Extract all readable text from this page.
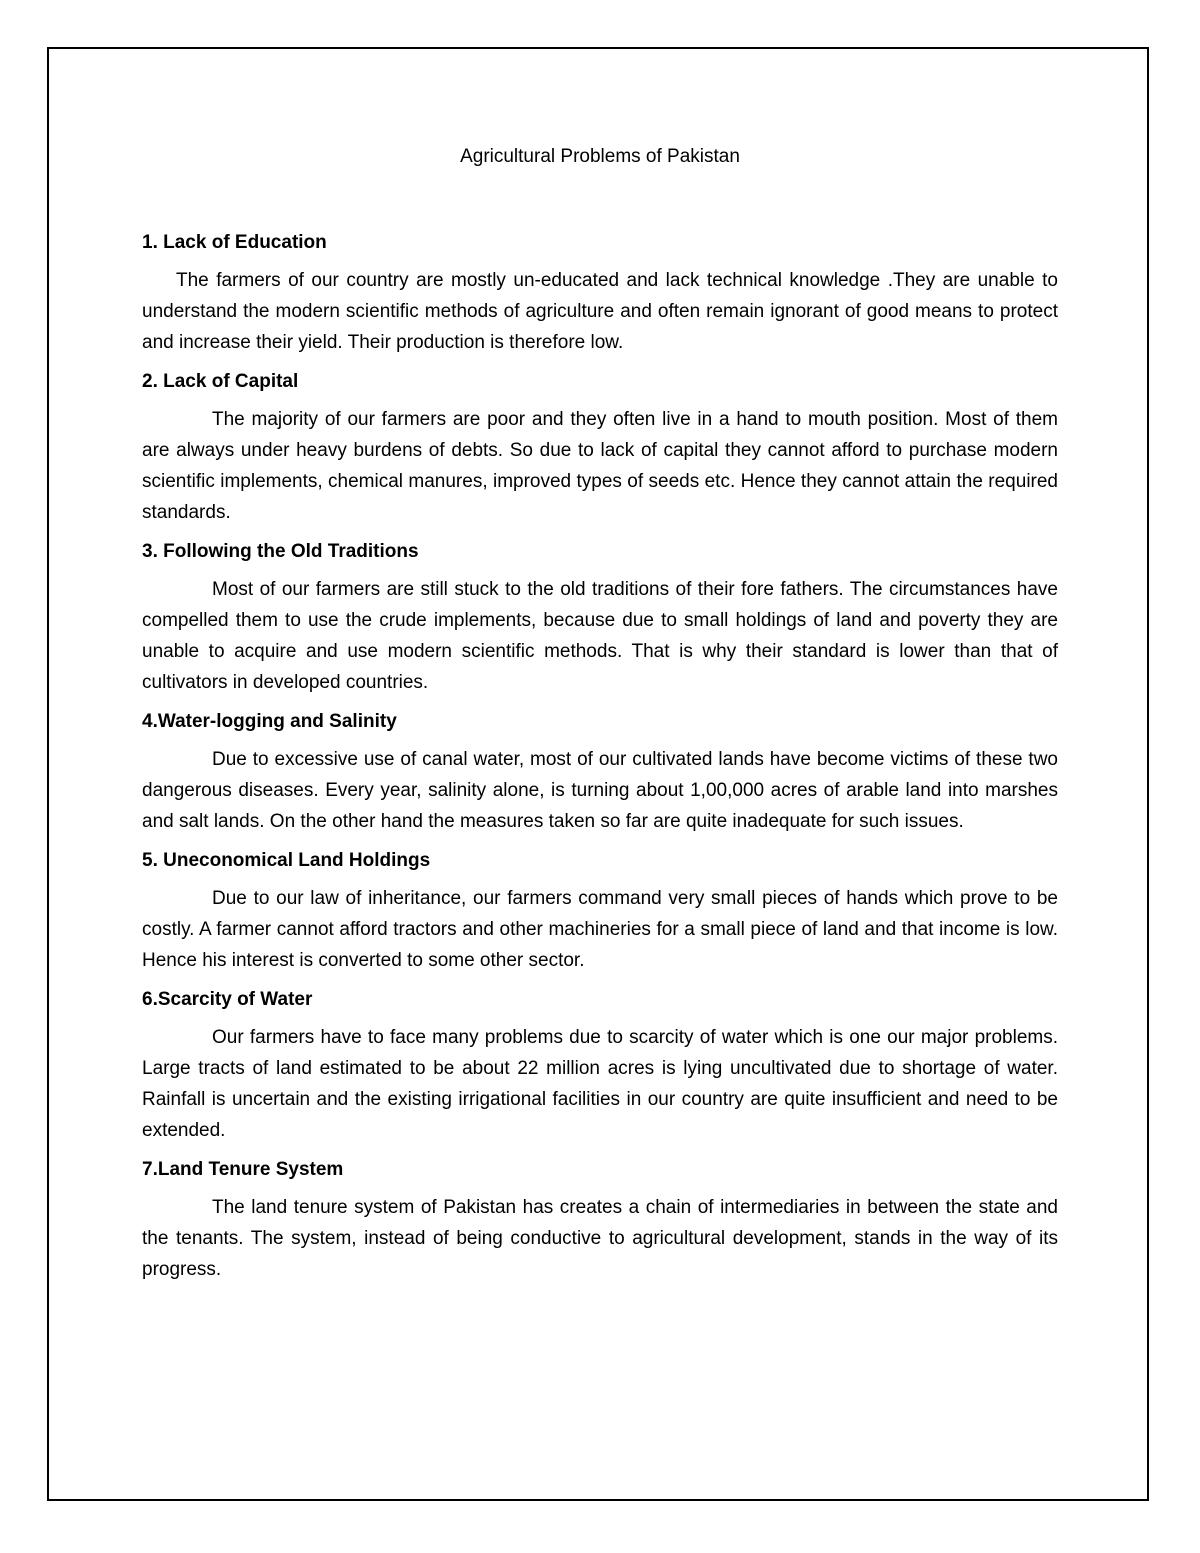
Agricultural Problems of Pakistan
1. Lack of Education

The farmers of our country are mostly un-educated and lack technical knowledge .They are unable to understand the modern scientific methods of agriculture and often remain ignorant of good means to protect and increase their yield. Their production is therefore low.

2. Lack of Capital

The majority of our farmers are poor and they often live in a hand to mouth position. Most of them are always under heavy burdens of debts. So due to lack of capital they cannot afford to purchase modern scientific implements, chemical manures, improved types of seeds etc. Hence they cannot attain the required standards.

3. Following the Old Traditions

Most of our farmers are still stuck to the old traditions of their fore fathers. The circumstances have compelled them to use the crude implements, because due to small holdings of land and poverty they are unable to acquire and use modern scientific methods. That is why their standard is lower than that of cultivators in developed countries.

4.Water-logging and Salinity

Due to excessive use of canal water, most of our cultivated lands have become victims of these two dangerous diseases. Every year, salinity alone, is turning about 1,00,000 acres of arable land into marshes and salt lands. On the other hand the measures taken so far are quite inadequate for such issues.

5. Uneconomical Land Holdings

Due to our law of inheritance, our farmers command very small pieces of hands which prove to be costly. A farmer cannot afford tractors and other machineries for a small piece of land and that income is low. Hence his interest is converted to some other sector.

6.Scarcity of Water

Our farmers have to face many problems due to scarcity of water which is one our major problems. Large tracts of land estimated to be about 22 million acres is lying uncultivated due to shortage of water. Rainfall is uncertain and the existing irrigational facilities in our country are quite insufficient and need to be extended.

7.Land Tenure System

The land tenure system of Pakistan has creates a chain of intermediaries in between the state and the tenants. The system, instead of being conductive to agricultural development, stands in the way of its progress.
